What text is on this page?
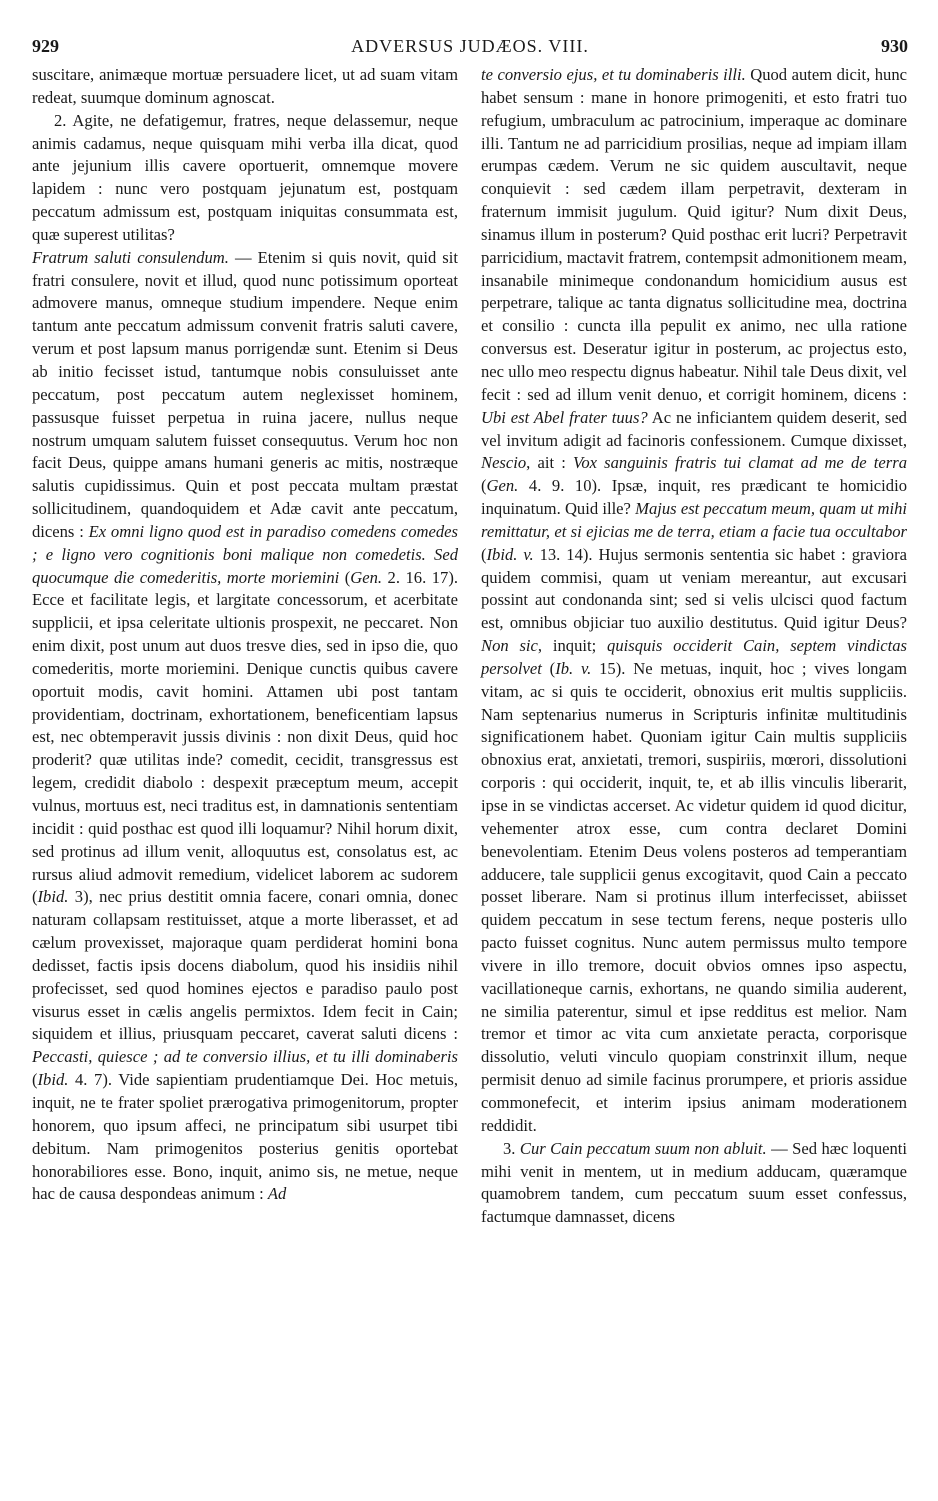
929	ADVERSUS JUDÆOS. VIII.	930

suscitare, animæque mortuæ persuadere licet, ut ad suam vitam redeat, suumque dominum agnoscat.

2. Agite, ne defatigemur, fratres, neque delassemur, neque animis cadamus, neque quisquam mihi verba illa dicat, quod ante jejunium illis cavere oportuerit, omnemque movere lapidem : nunc vero postquam jejunatum est, postquam peccatum admissum est, postquam iniquitas consummata est, quæ superest utilitas?

Fratrum saluti consulendum. — Etenim si quis novit, quid sit fratri consulere, novit et illud, quod nunc potissimum oporteat admovere manus, omneque studium impendere. Neque enim tantum ante peccatum admissum convenit fratris saluti cavere, verum et post lapsum manus porrigendæ sunt. Etenim si Deus ab initio fecisset istud, tantumque nobis consuluisset ante peccatum, post peccatum autem neglexisset hominem, passusque fuisset perpetua in ruina jacere, nullus neque nostrum umquam salutem fuisset consequutus. Verum hoc non facit Deus, quippe amans humani generis ac mitis, nostræque salutis cupidissimus. Quin et post peccata multam præstat sollicitudinem, quandoquidem et Adæ cavit ante peccatum, dicens : Ex omni ligno quod est in paradiso comedens comedes ; e ligno vero cognitionis boni malique non comedetis. Sed quocumque die comederitis, morte moriemini (Gen. 2. 16. 17). Ecce et facilitate legis, et largitate concessorum, et acerbitate supplicii, et ipsa celeritate ultionis prospexit, ne peccaret. Non enim dixit, post unum aut duos tresve dies, sed in ipso die, quo comederitis, morte moriemini. Denique cunctis quibus cavere oportuit modis, cavit homini. Attamen ubi post tantam providentiam, doctrinam, exhortationem, beneficentiam lapsus est, nec obtemperavit jussis divinis : non dixit Deus, quid hoc proderit? quæ utilitas inde? comedit, cecidit, transgressus est legem, credidit diabolo : despexit præceptum meum, accepit vulnus, mortuus est, neci traditus est, in damnationis sententiam incidit : quid posthac est quod illi loquamur? Nihil horum dixit, sed protinus ad illum venit, alloquutus est, consolatus est, ac rursus aliud admovit remedium, videlicet laborem ac sudorem (Ibid. 3), nec prius destitit omnia facere, conari omnia, donec naturam collapsam restituisset, atque a morte liberasset, et ad cælum provexisset, majoraque quam perdiderat homini bona dedisset, factis ipsis docens diabolum, quod his insidiis nihil profecisset, sed quod homines ejectos e paradiso paulo post visurus esset in cælis angelis permixtos. Idem fecit in Cain; siquidem et illius, priusquam peccaret, caverat saluti dicens : Peccasti, quiesce ; ad te conversio illius, et tu illi dominaberis (Ibid. 4. 7). Vide sapientiam prudentiamque Dei. Hoc metuis, inquit, ne te frater spoliet prærogativa primogenitorum, propter honorem, quo ipsum affeci, ne principatum sibi usurpet tibi debitum. Nam primogenitos posterius genitis oportebat honorabiliores esse. Bono, inquit, animo sis, ne metue, neque hac de causa despondeas animum : Ad

te conversio ejus, et tu dominaberis illi. Quod autem dicit, hunc habet sensum : mane in honore primogeniti, et esto fratri tuo refugium, umbraculum ac patrocinium, imperaque ac dominare illi. Tantum ne ad parricidium prosilias, neque ad impiam illam erumpas cædem. Verum ne sic quidem auscultavit, neque conquievit : sed cædem illam perpetravit, dexteram in fraternum immisit jugulum. Quid igitur? Num dixit Deus, sinamus illum in posterum? Quid posthac erit lucri? Perpetravit parricidium, mactavit fratrem, contempsit admonitionem meam, insanabile minimeque condonandum homicidium ausus est perpetrare, talique ac tanta dignatus sollicitudine mea, doctrina et consilio : cuncta illa pepulit ex animo, nec ulla ratione conversus est. Deseratur igitur in posterum, ac projectus esto, nec ullo meo respectu dignus habeatur. Nihil tale Deus dixit, vel fecit : sed ad illum venit denuo, et corrigit hominem, dicens : Ubi est Abel frater tuus? Ac ne inficiantem quidem deserit, sed vel invitum adigit ad facinoris confessionem. Cumque dixisset, Nescio, ait : Vox sanguinis fratris tui clamat ad me de terra (Gen. 4. 9. 10). Ipsæ, inquit, res prædicant te homicidio inquinatum. Quid ille? Majus est peccatum meum, quam ut mihi remittatur, et si ejicias me de terra, etiam a facie tua occultabor (Ibid. v. 13. 14). Hujus sermonis sententia sic habet : graviora quidem commisi, quam ut veniam mereantur, aut excusari possint aut condonanda sint; sed si velis ulcisci quod factum est, omnibus objiciar tuo auxilio destitutus. Quid igitur Deus? Non sic, inquit; quisquis occiderit Cain, septem vindictas persolvet (Ib. v. 15). Ne metuas, inquit, hoc ; vives longam vitam, ac si quis te occiderit, obnoxius erit multis suppliciis. Nam septenarius numerus in Scripturis infinitæ multitudinis significationem habet. Quoniam igitur Cain multis suppliciis obnoxius erat, anxietati, tremori, suspiriis, mœrori, dissolutioni corporis : qui occiderit, inquit, te, et ab illis vinculis liberarit, ipse in se vindictas accerset. Ac videtur quidem id quod dicitur, vehementer atrox esse, cum contra declaret Domini benevolentiam. Etenim Deus volens posteros ad temperantiam adducere, tale supplicii genus excogitavit, quod Cain a peccato posset liberare. Nam si protinus illum interfecisset, abiisset quidem peccatum in sese tectum ferens, neque posteris ullo pacto fuisset cognitus. Nunc autem permissus multo tempore vivere in illo tremore, docuit obvios omnes ipso aspectu, vacillationeque carnis, exhortans, ne quando similia auderent, ne similia paterentur, simul et ipse redditus est melior. Nam tremor et timor ac vita cum anxietate peracta, corporisque dissolutio, veluti vinculo quopiam constrinxit illum, neque permisit denuo ad simile facinus prorumpere, et prioris assidue commonefecit, et interim ipsius animam moderationem reddidit.

3. Cur Cain peccatum suum non abluit. — Sed hæc loquenti mihi venit in mentem, ut in medium adducam, quæramque quamobrem tandem, cum peccatum suum esset confessus, factumque damnasset, dicens
